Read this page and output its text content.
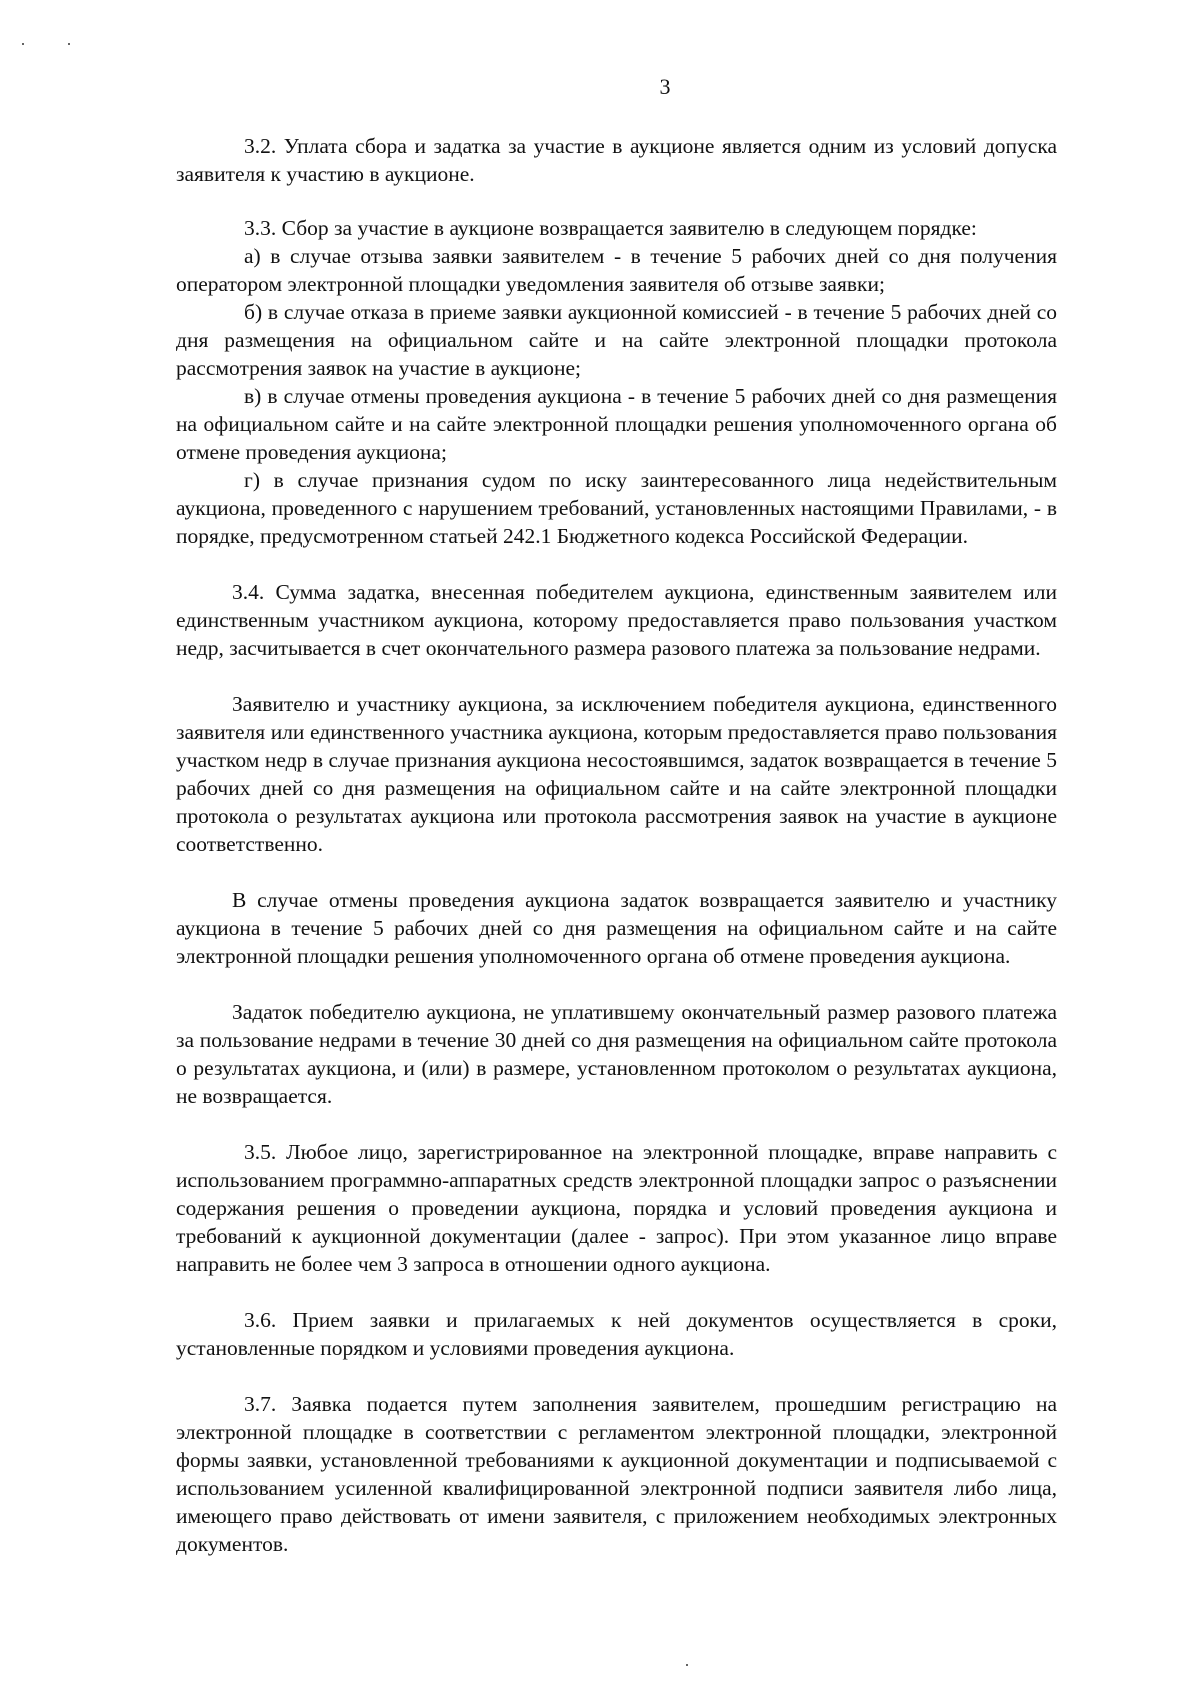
3

3.2. Уплата сбора и задатка за участие в аукционе является одним из условий допуска заявителя к участию в аукционе.

3.3. Сбор за участие в аукционе возвращается заявителю в следующем порядке:

а) в случае отзыва заявки заявителем - в течение 5 рабочих дней со дня получения оператором электронной площадки уведомления заявителя об отзыве заявки;

б) в случае отказа в приеме заявки аукционной комиссией - в течение 5 рабочих дней со дня размещения на официальном сайте и на сайте электронной площадки протокола рассмотрения заявок на участие в аукционе;

в) в случае отмены проведения аукциона - в течение 5 рабочих дней со дня размещения на официальном сайте и на сайте электронной площадки решения уполномоченного органа об отмене проведения аукциона;

г) в случае признания судом по иску заинтересованного лица недействительным аукциона, проведенного с нарушением требований, установленных настоящими Правилами, - в порядке, предусмотренном статьей 242.1 Бюджетного кодекса Российской Федерации.

3.4. Сумма задатка, внесенная победителем аукциона, единственным заявителем или единственным участником аукциона, которому предоставляется право пользования участком недр, засчитывается в счет окончательного размера разового платежа за пользование недрами.

Заявителю и участнику аукциона, за исключением победителя аукциона, единственного заявителя или единственного участника аукциона, которым предоставляется право пользования участком недр в случае признания аукциона несостоявшимся, задаток возвращается в течение 5 рабочих дней со дня размещения на официальном сайте и на сайте электронной площадки протокола о результатах аукциона или протокола рассмотрения заявок на участие в аукционе соответственно.

В случае отмены проведения аукциона задаток возвращается заявителю и участнику аукциона в течение 5 рабочих дней со дня размещения на официальном сайте и на сайте электронной площадки решения уполномоченного органа об отмене проведения аукциона.

Задаток победителю аукциона, не уплатившему окончательный размер разового платежа за пользование недрами в течение 30 дней со дня размещения на официальном сайте протокола о результатах аукциона, и (или) в размере, установленном протоколом о результатах аукциона, не возвращается.

3.5. Любое лицо, зарегистрированное на электронной площадке, вправе направить с использованием программно-аппаратных средств электронной площадки запрос о разъяснении содержания решения о проведении аукциона, порядка и условий проведения аукциона и требований к аукционной документации (далее - запрос). При этом указанное лицо вправе направить не более чем 3 запроса в отношении одного аукциона.

3.6. Прием заявки и прилагаемых к ней документов осуществляется в сроки, установленные порядком и условиями проведения аукциона.

3.7. Заявка подается путем заполнения заявителем, прошедшим регистрацию на электронной площадке в соответствии с регламентом электронной площадки, электронной формы заявки, установленной требованиями к аукционной документации и подписываемой с использованием усиленной квалифицированной электронной подписи заявителя либо лица, имеющего право действовать от имени заявителя, с приложением необходимых электронных документов.
